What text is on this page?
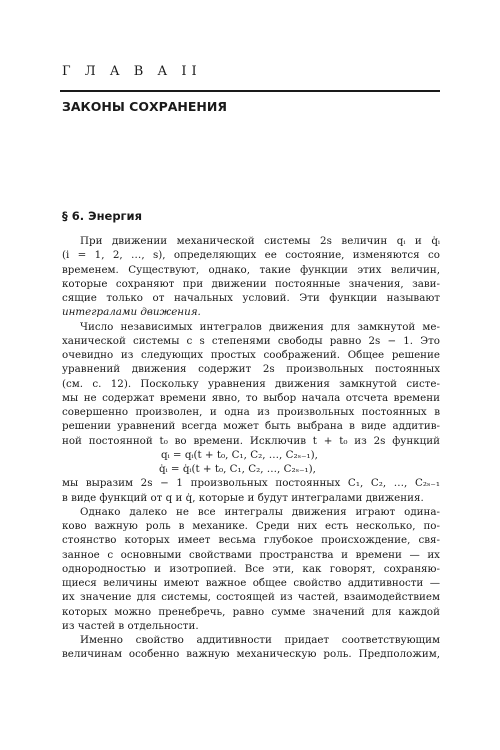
Г Л А В А II
ЗАКОНЫ СОХРАНЕНИЯ
§ 6. Энергия
При движении механической системы 2s величин qᵢ и q̇ᵢ
(i = 1, 2, …, s), определяющих ее состояние, изменяются со
временем. Существуют, однако, такие функции этих величин,
которые сохраняют при движении постоянные значения, зави-
сящие только от начальных условий. Эти функции называют
интегралами движения.
Число независимых интегралов движения для замкнутой ме-
ханической системы с s степенями свободы равно 2s − 1. Это
очевидно из следующих простых соображений. Общее решение
уравнений движения содержит 2s произвольных постоянных
(см. с. 12). Поскольку уравнения движения замкнутой систе-
мы не содержат времени явно, то выбор начала отсчета времени
совершенно произволен, и одна из произвольных постоянных в
решении уравнений всегда может быть выбрана в виде аддитив-
ной постоянной t₀ во времени. Исключив t + t₀ из 2s функций
qᵢ = qᵢ(t + t₀, C₁, C₂, …, C₂ₛ₋₁),
q̇ᵢ = q̇ᵢ(t + t₀, C₁, C₂, …, C₂ₛ₋₁),
мы выразим 2s − 1 произвольных постоянных C₁, C₂, …, C₂ₛ₋₁
в виде функций от q и q̇, которые и будут интегралами движения.
Однако далеко не все интегралы движения играют одина-
ково важную роль в механике. Среди них есть несколько, по-
стоянство которых имеет весьма глубокое происхождение, свя-
занное с основными свойствами пространства и времени — их
однородностью и изотропией. Все эти, как говорят, сохраняю-
щиеся величины имеют важное общее свойство аддитивности —
их значение для системы, состоящей из частей, взаимодействием
которых можно пренебречь, равно сумме значений для каждой
из частей в отдельности.
Именно свойство аддитивности придает соответствующим
величинам особенно важную механическую роль. Предположим,
